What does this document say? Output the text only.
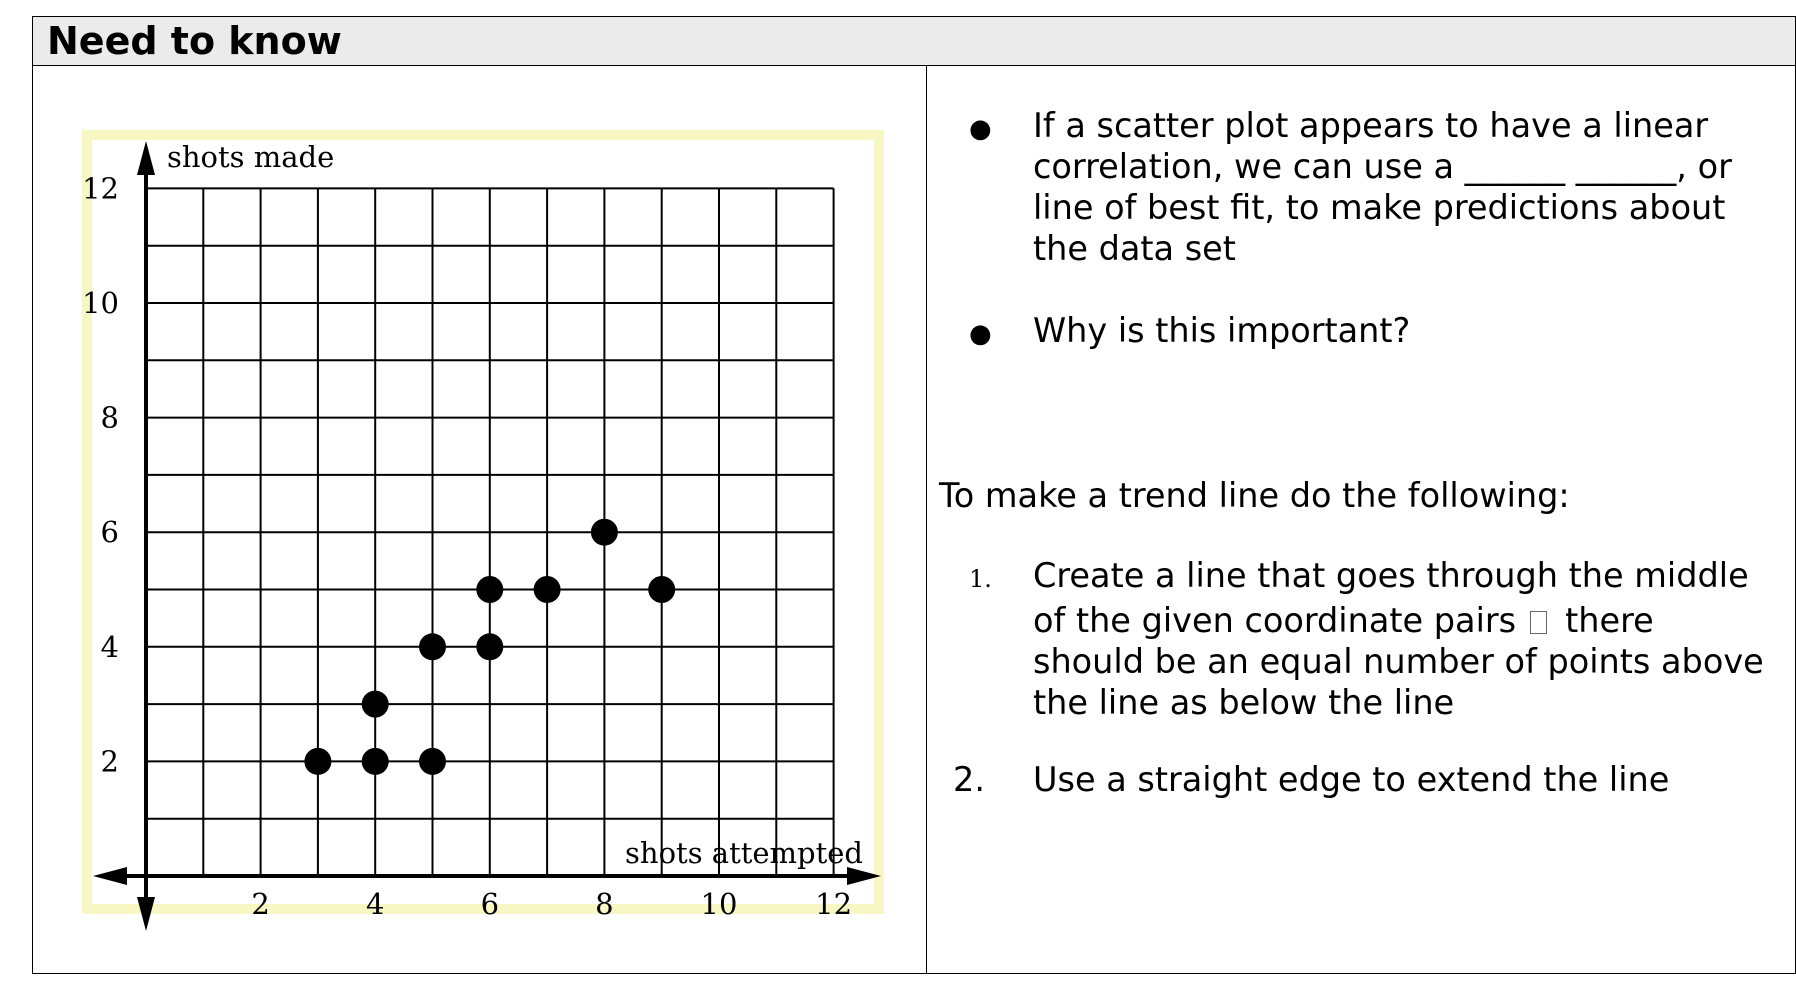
Need to know
2	4	6	8	10	12
2
4
6
8
10
12
shots made
shots attempted
● If a scatter plot appears to have a linear
correlation, we can use a ______ ______, or
line of best fit, to make predictions about
the data set
● Why is this important?
To make a trend line do the following:
1. Create a line that goes through the middle
of the given coordinate pairs there
should be an equal number of points above
the line as below the line
2. Use a straight edge to extend the line
